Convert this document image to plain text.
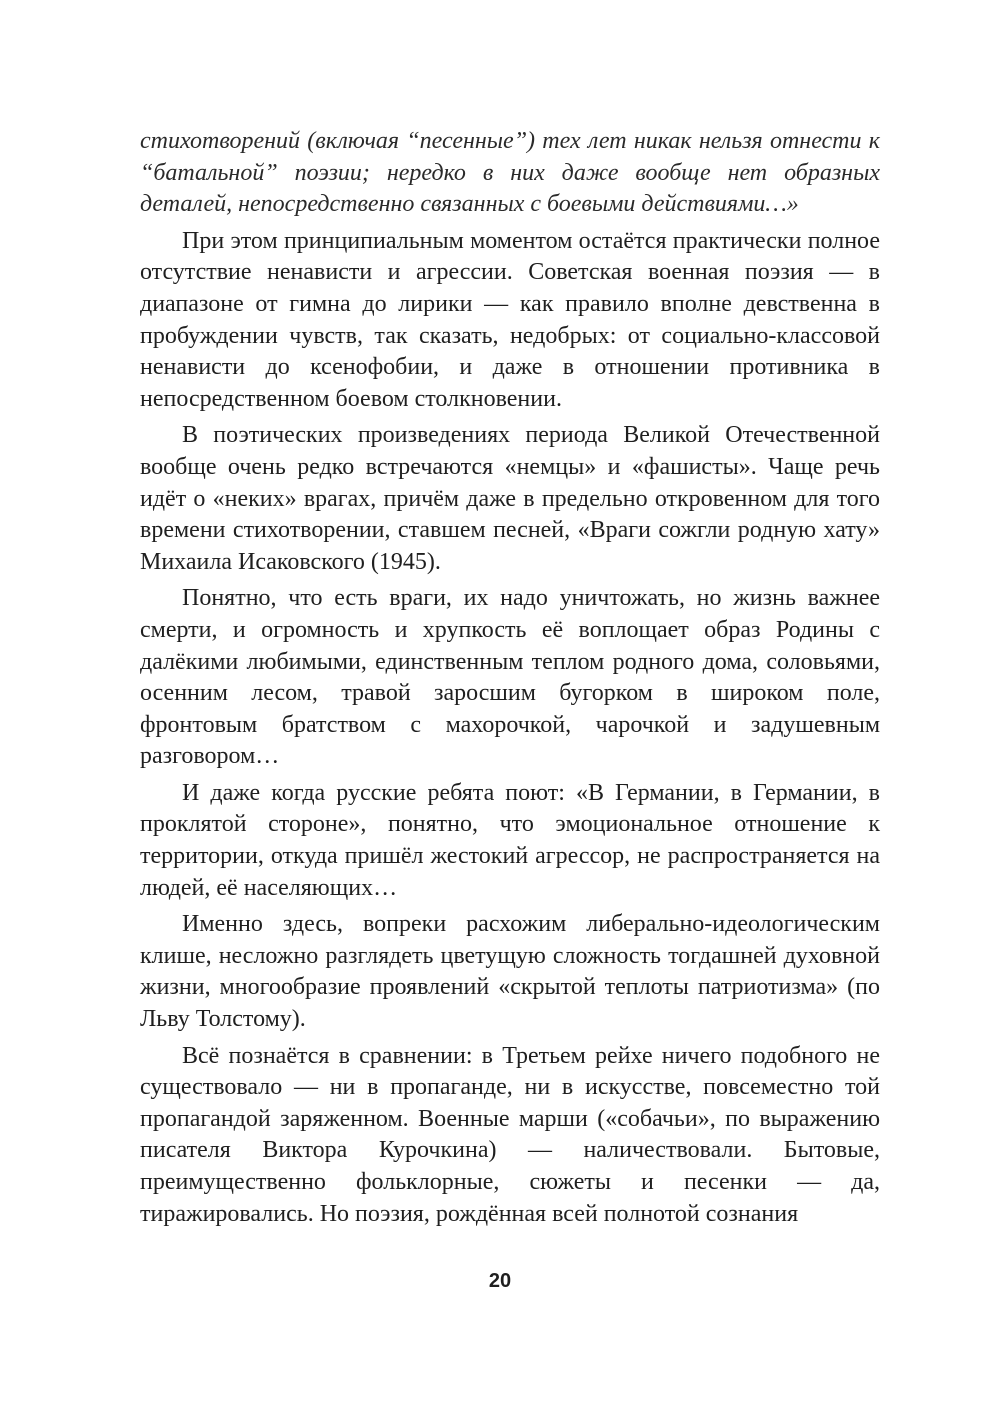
стихотворений (включая “песенные”) тех лет никак нельзя отнести к “батальной” поэзии; нередко в них даже вообще нет образных деталей, непосредственно связанных с боевыми действиями…»

При этом принципиальным моментом остаётся практически полное отсутствие ненависти и агрессии. Советская военная поэзия — в диапазоне от гимна до лирики — как правило вполне девственна в пробуждении чувств, так сказать, недобрых: от социально-классовой ненависти до ксенофобии, и даже в отношении противника в непосредственном боевом столкновении.

В поэтических произведениях периода Великой Отечественной вообще очень редко встречаются «немцы» и «фашисты». Чаще речь идёт о «неких» врагах, причём даже в предельно откровенном для того времени стихотворении, ставшем песней, «Враги сожгли родную хату» Михаила Исаковского (1945).

Понятно, что есть враги, их надо уничтожать, но жизнь важнее смерти, и огромность и хрупкость её воплощает образ Родины с далёкими любимыми, единственным теплом родного дома, соловьями, осенним лесом, травой заросшим бугорком в широком поле, фронтовым братством с махорочкой, чарочкой и задушевным разговором…

И даже когда русские ребята поют: «В Германии, в Германии, в проклятой стороне», понятно, что эмоциональное отношение к территории, откуда пришёл жестокий агрессор, не распространяется на людей, её населяющих…

Именно здесь, вопреки расхожим либерально-идеологическим клише, несложно разглядеть цветущую сложность тогдашней духовной жизни, многообразие проявлений «скрытой теплоты патриотизма» (по Льву Толстому).

Всё познаётся в сравнении: в Третьем рейхе ничего подобного не существовало — ни в пропаганде, ни в искусстве, повсеместно той пропагандой заряженном. Военные марши («собачьи», по выражению писателя Виктора Курочкина) — наличествовали. Бытовые, преимущественно фольклорные, сюжеты и песенки — да, тиражировались. Но поэзия, рождённая всей полнотой сознания

20
